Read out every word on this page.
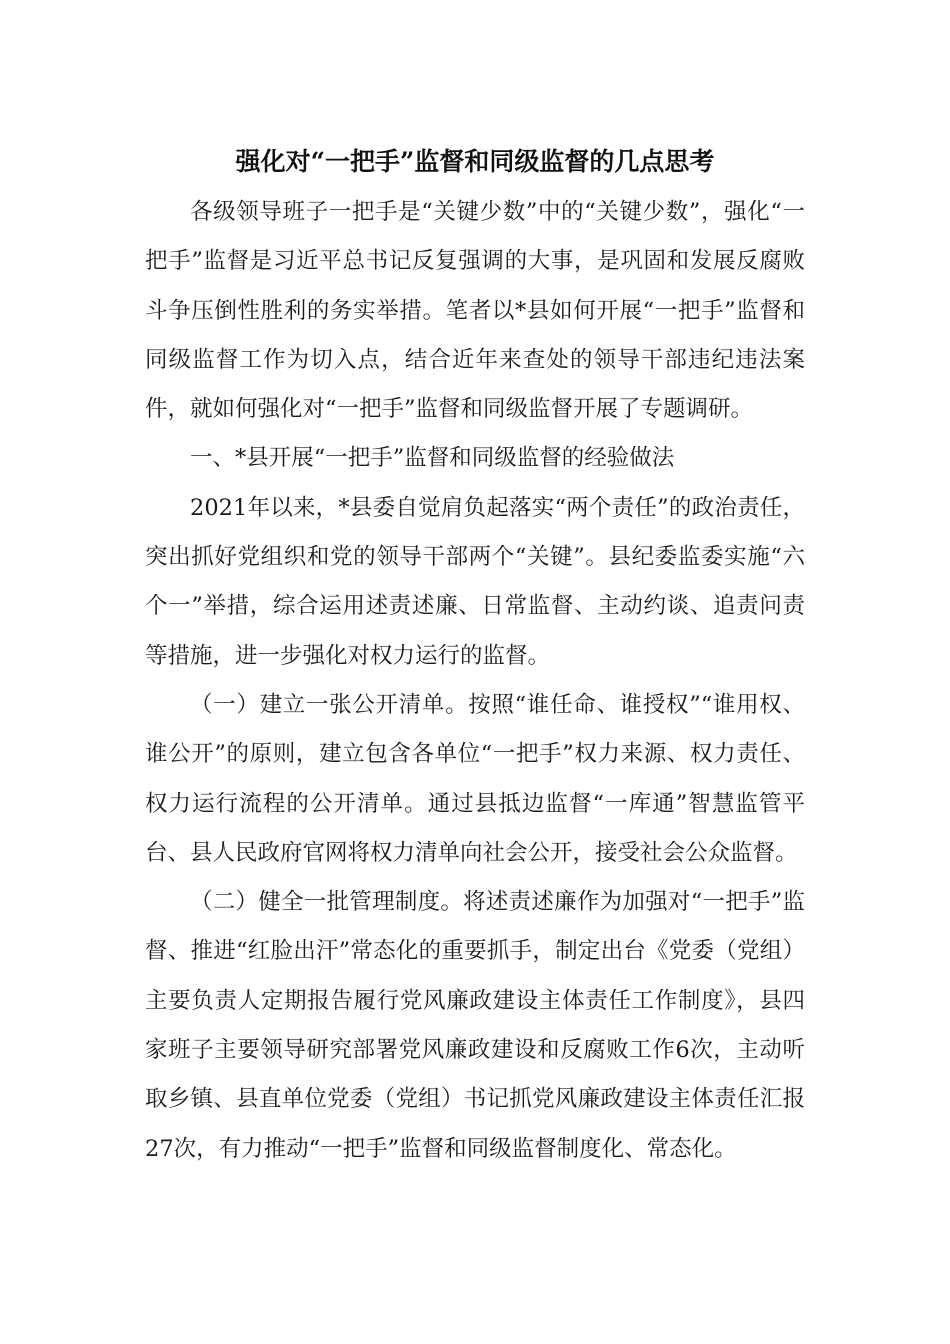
强化对“一把手”监督和同级监督的几点思考

各级领导班子一把手是“关键少数”中的“关键少数”，强化“一把手”监督是习近平总书记反复强调的大事，是巩固和发展反腐败斗争压倒性胜利的务实举措。笔者以*县如何开展“一把手”监督和同级监督工作为切入点，结合近年来查处的领导干部违纪违法案件，就如何强化对“一把手”监督和同级监督开展了专题调研。

一、*县开展“一把手”监督和同级监督的经验做法

2021年以来，*县委自觉肩负起落实“两个责任”的政治责任，突出抓好党组织和党的领导干部两个“关键”。县纪委监委实施“六个一”举措，综合运用述责述廉、日常监督、主动约谈、追责问责等措施，进一步强化对权力运行的监督。

（一）建立一张公开清单。按照“谁任命、谁授权”“谁用权、谁公开”的原则，建立包含各单位“一把手”权力来源、权力责任、权力运行流程的公开清单。通过县抵边监督“一库通”智慧监管平台、县人民政府官网将权力清单向社会公开，接受社会公众监督。

（二）健全一批管理制度。将述责述廉作为加强对“一把手”监督、推进“红脸出汗”常态化的重要抓手，制定出台《党委（党组）主要负责人定期报告履行党风廉政建设主体责任工作制度》，县四家班子主要领导研究部署党风廉政建设和反腐败工作6次，主动听取乡镇、县直单位党委（党组）书记抓党风廉政建设主体责任汇报27次，有力推动“一把手”监督和同级监督制度化、常态化。
